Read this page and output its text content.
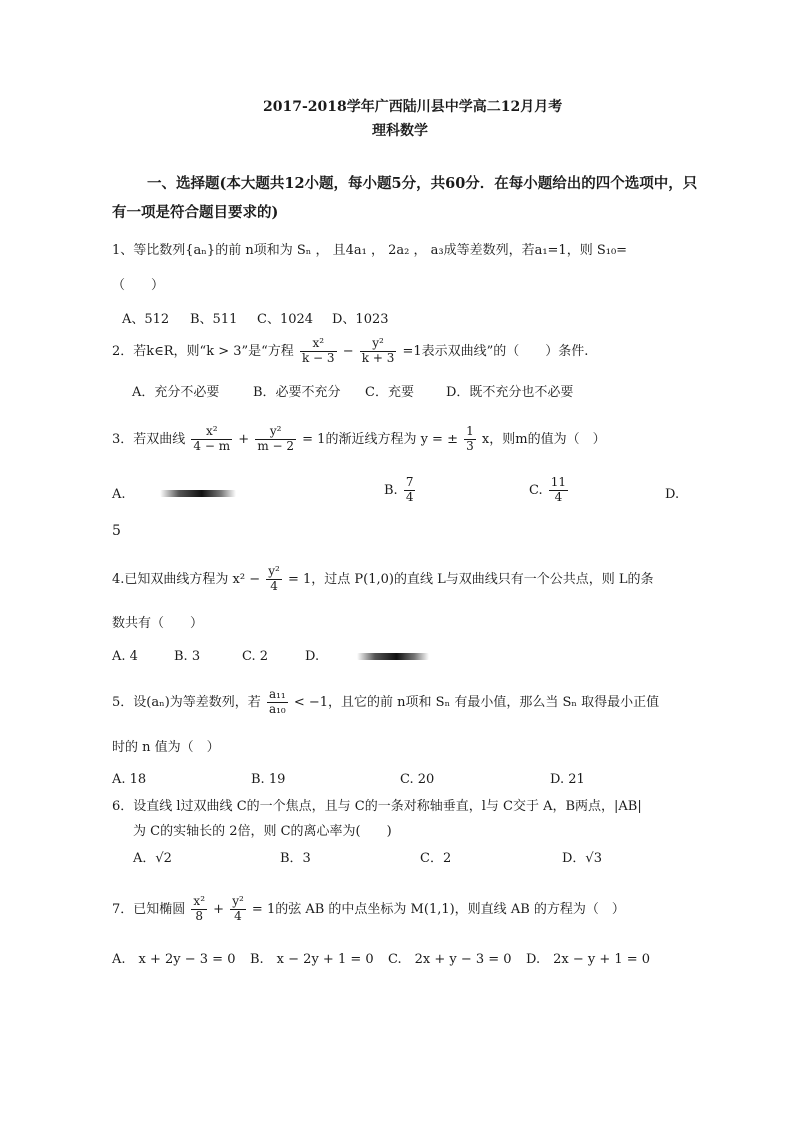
2017-2018学年广西陆川县中学高二12月月考
理科数学
一、选择题(本大题共12小题，每小题5分，共60分．在每小题给出的四个选项中，只
有一项是符合题目要求的)
1、等比数列{aₙ}的前 n项和为 Sₙ ， 且4a₁ ， 2a₂ ， a₃成等差数列，若a₁=1，则 S₁₀=
（　　）
A、512 B、511 C、1024 D、1023
2．若k∈R，则“k > 3”是“方程 $\frac{\text{x²}}{k - 3} - \frac{\text{y²}}{k + 3} =1$表示双曲线”的（　　）条件.
A．充分不必要	B．必要不充分 C．充要 D．既不充分也不必要
3．若双曲线 $\frac{\text{x²}}{4 - m} + \frac{\text{y²}}{m - 2} = 1$的渐近线方程为 y = ± $\frac{1}{3}$ x，则m的值为（　）
A.	B. $\frac{7}{4}$	C. $\frac{11}{4}$	D.
5
4.已知双曲线方程为 $x^2 - \frac{\text{y²}}{4} = 1$，过点 P(1,0)的直线 L与双曲线只有一个公共点，则 L的条
数共有（　　）
A. 4	B. 3	C. 2	D.
5．设(aₙ)为等差数列，若 $\frac{\text{a₁₁}}{\text{a₁₀}} < -1$，且它的前 n项和 Sₙ 有最小值，那么当 Sₙ 取得最小正值
时的 n 值为（　）
A. 18	B. 19	C. 20	D. 21
6．设直线 l过双曲线 C的一个焦点，且与 C的一条对称轴垂直，l与 C交于 A，B两点，|AB|
为 C的实轴长的 2倍，则 C的离心率为(　　)
A．√2	B．3	C．2	D．√3
7．已知椭圆 $\frac{\text{x²}}{8} + \frac{\text{y²}}{4} = 1$的弦 AB 的中点坐标为 M(1,1)，则直线 AB 的方程为（　）
A.　x + 2y − 3 = 0 B.　x − 2y + 1 = 0 C.　2x + y − 3 = 0 D.　2x − y + 1 = 0
